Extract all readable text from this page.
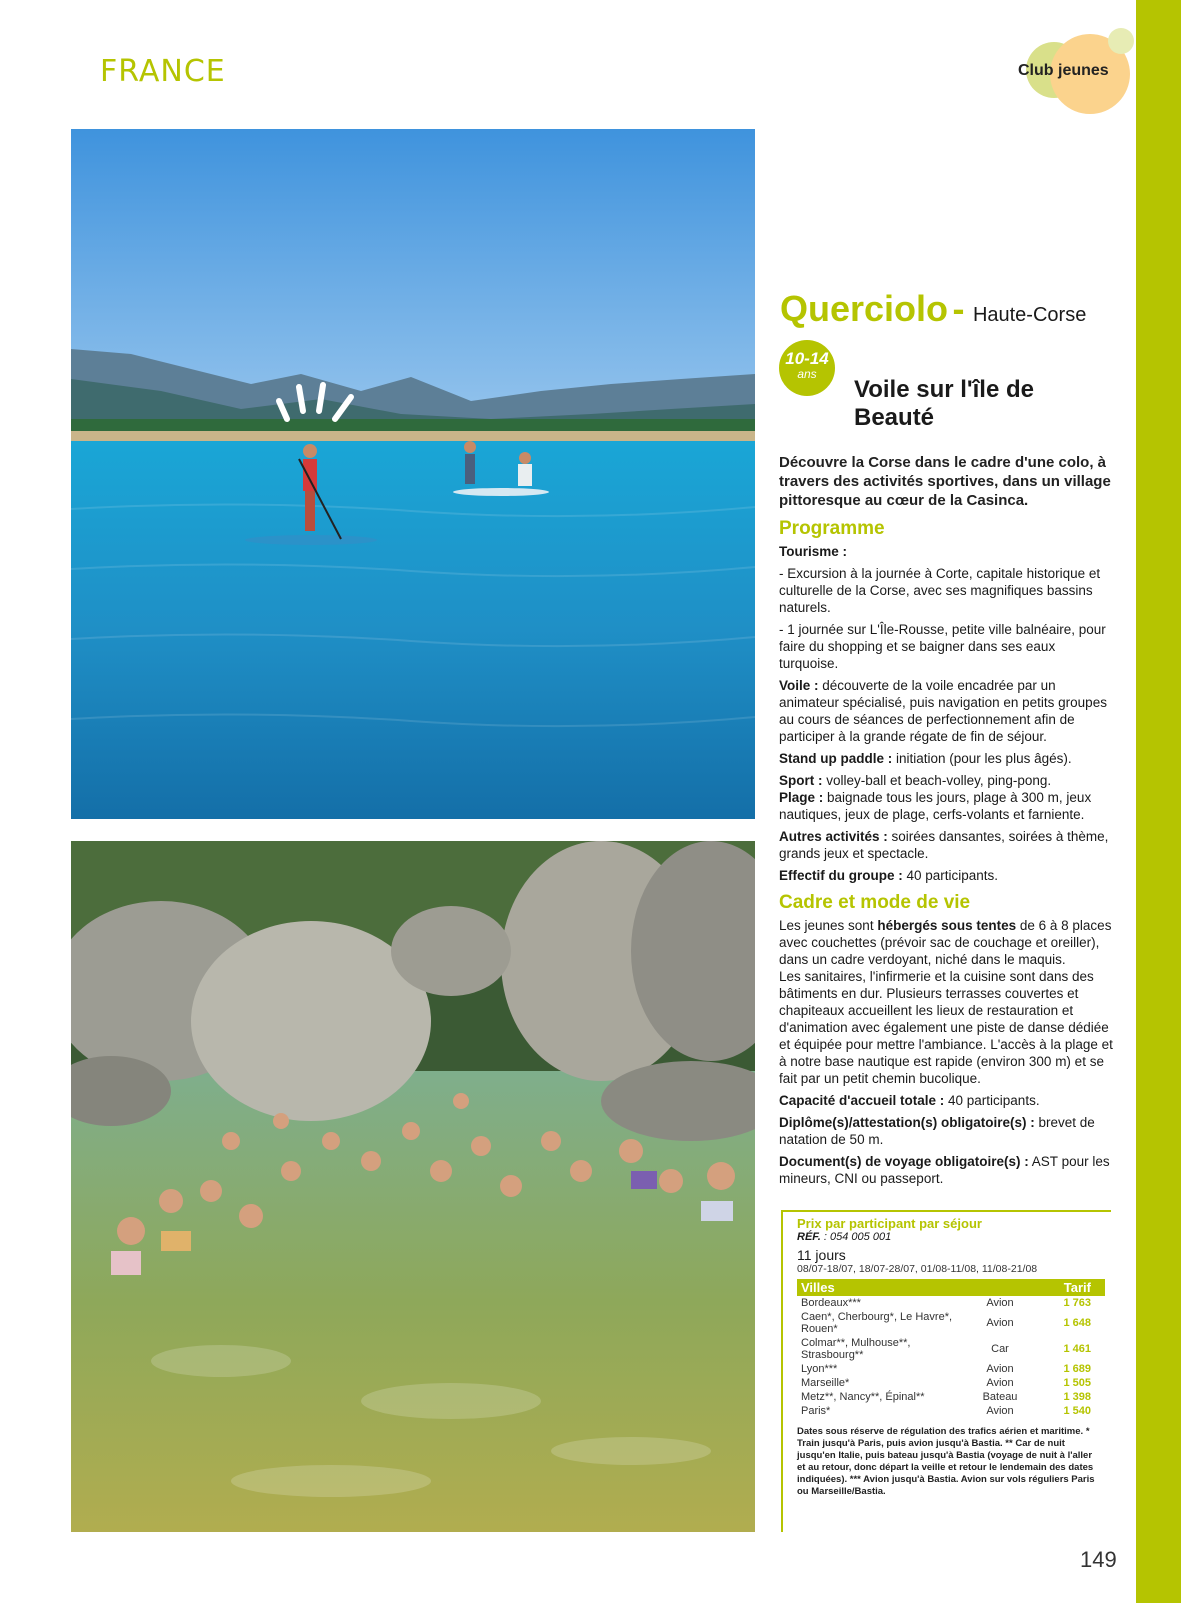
FRANCE	Club jeunes
Querciolo - Haute-Corse
10-14
ans
Voile sur l'île de Beauté

Découvre la Corse dans le cadre d'une colo, à travers des activités sportives, dans un village pittoresque au cœur de la Casinca.

Programme

Tourisme :

- Excursion à la journée à Corte, capitale historique et culturelle de la Corse, avec ses magnifiques bassins naturels.

- 1 journée sur L'Île-Rousse, petite ville balnéaire, pour faire du shopping et se baigner dans ses eaux turquoise.

Voile : découverte de la voile encadrée par un animateur spécialisé, puis navigation en petits groupes au cours de séances de perfectionnement afin de participer à la grande régate de fin de séjour.

Stand up paddle : initiation (pour les plus âgés).

Sport : volley-ball et beach-volley, ping-pong.

Plage : baignade tous les jours, plage à 300 m, jeux nautiques, jeux de plage, cerfs-volants et farniente.

Autres activités : soirées dansantes, soirées à thème, grands jeux et spectacle.

Effectif du groupe : 40 participants.

Cadre et mode de vie

Les jeunes sont hébergés sous tentes de 6 à 8 places avec couchettes (prévoir sac de couchage et oreiller), dans un cadre verdoyant, niché dans le maquis.

Les sanitaires, l'infirmerie et la cuisine sont dans des bâtiments en dur. Plusieurs terrasses couvertes et chapiteaux accueillent les lieux de restauration et d'animation avec également une piste de danse dédiée et équipée pour mettre l'ambiance. L'accès à la plage et à notre base nautique est rapide (environ 300 m) et se fait par un petit chemin bucolique.

Capacité d'accueil totale : 40 participants.

Diplôme(s)/attestation(s) obligatoire(s) : brevet de natation de 50 m.

Document(s) de voyage obligatoire(s) : AST pour les mineurs, CNI ou passeport.

Prix par participant par séjour
RÉF. : 054 005 001
11 jours
08/07-18/07, 18/07-28/07, 01/08-11/08, 11/08-21/08
Villes		Tarif
Bordeaux***	Avion	1 763
Caen*, Cherbourg*, Le Havre*, Rouen*	Avion	1 648
Colmar**, Mulhouse**, Strasbourg**	Car	1 461
Lyon***	Avion	1 689
Marseille*	Avion	1 505
Metz**, Nancy**, Épinal**	Bateau	1 398
Paris*	Avion	1 540
Dates sous réserve de régulation des trafics aérien et maritime. * Train jusqu'à Paris, puis avion jusqu'à Bastia. ** Car de nuit jusqu'en Italie, puis bateau jusqu'à Bastia (voyage de nuit à l'aller et au retour, donc départ la veille et retour le lendemain des dates indiquées). *** Avion jusqu'à Bastia. Avion sur vols réguliers Paris ou Marseille/Bastia.
149
